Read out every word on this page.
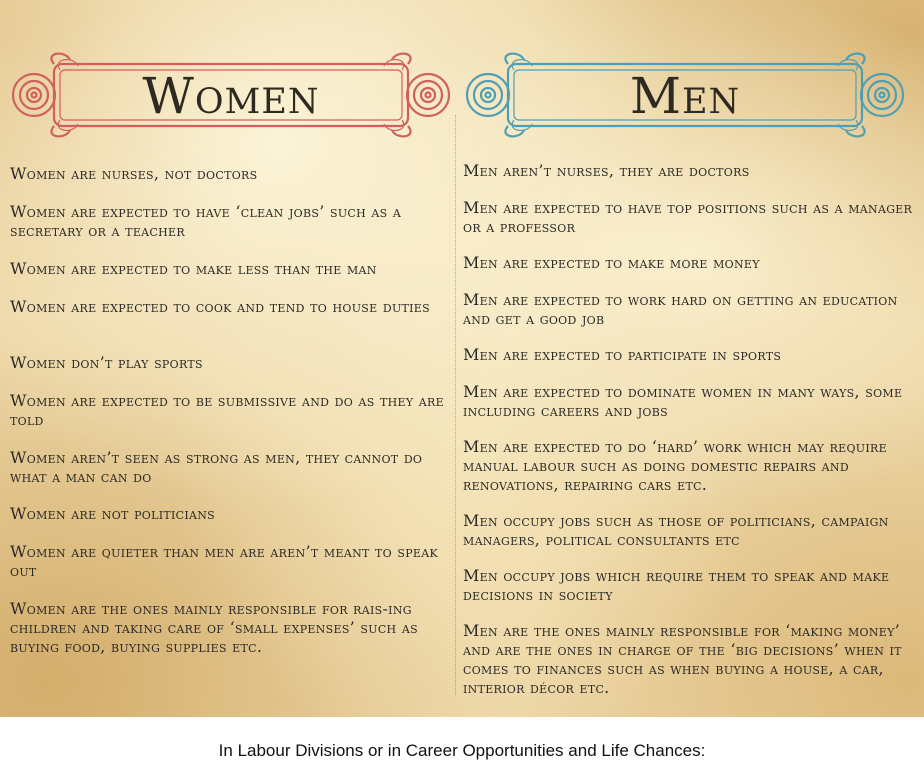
Women	Men
Women are nurses, not doctors
Women are expected to have ‘clean jobs’ such as a secretary or a teacher
Women are expected to make less than the man
Women are expected to cook and tend to house duties
Women don’t play sports
Women are expected to be submissive and do as they are told
Women aren’t seen as strong as men, they cannot do what a man can do
Women are not politicians
Women are quieter than men are aren’t meant to speak out
Women are the ones mainly responsible for rais-ing children and taking care of ‘small expenses’ such as buying food, buying supplies etc.
Men aren’t nurses, they are doctors
Men are expected to have top positions such as a manager or a professor
Men are expected to make more money
Men are expected to work hard on getting an education and get a good job
Men are expected to participate in sports
Men are expected to dominate women in many ways, some including careers and jobs
Men are expected to do ‘hard’ work which may require manual labour such as doing domestic repairs and renovations, repairing cars etc.
Men occupy jobs such as those of politicians, campaign managers, political consultants etc
Men occupy jobs which require them to speak and make decisions in society
Men are the ones mainly responsible for ‘making money’ and are the ones in charge of the ‘big decisions’ when it comes to finances such as when buying a house, a car, interior décor etc.
In Labour Divisions or in Career Opportunities and Life Chances:
